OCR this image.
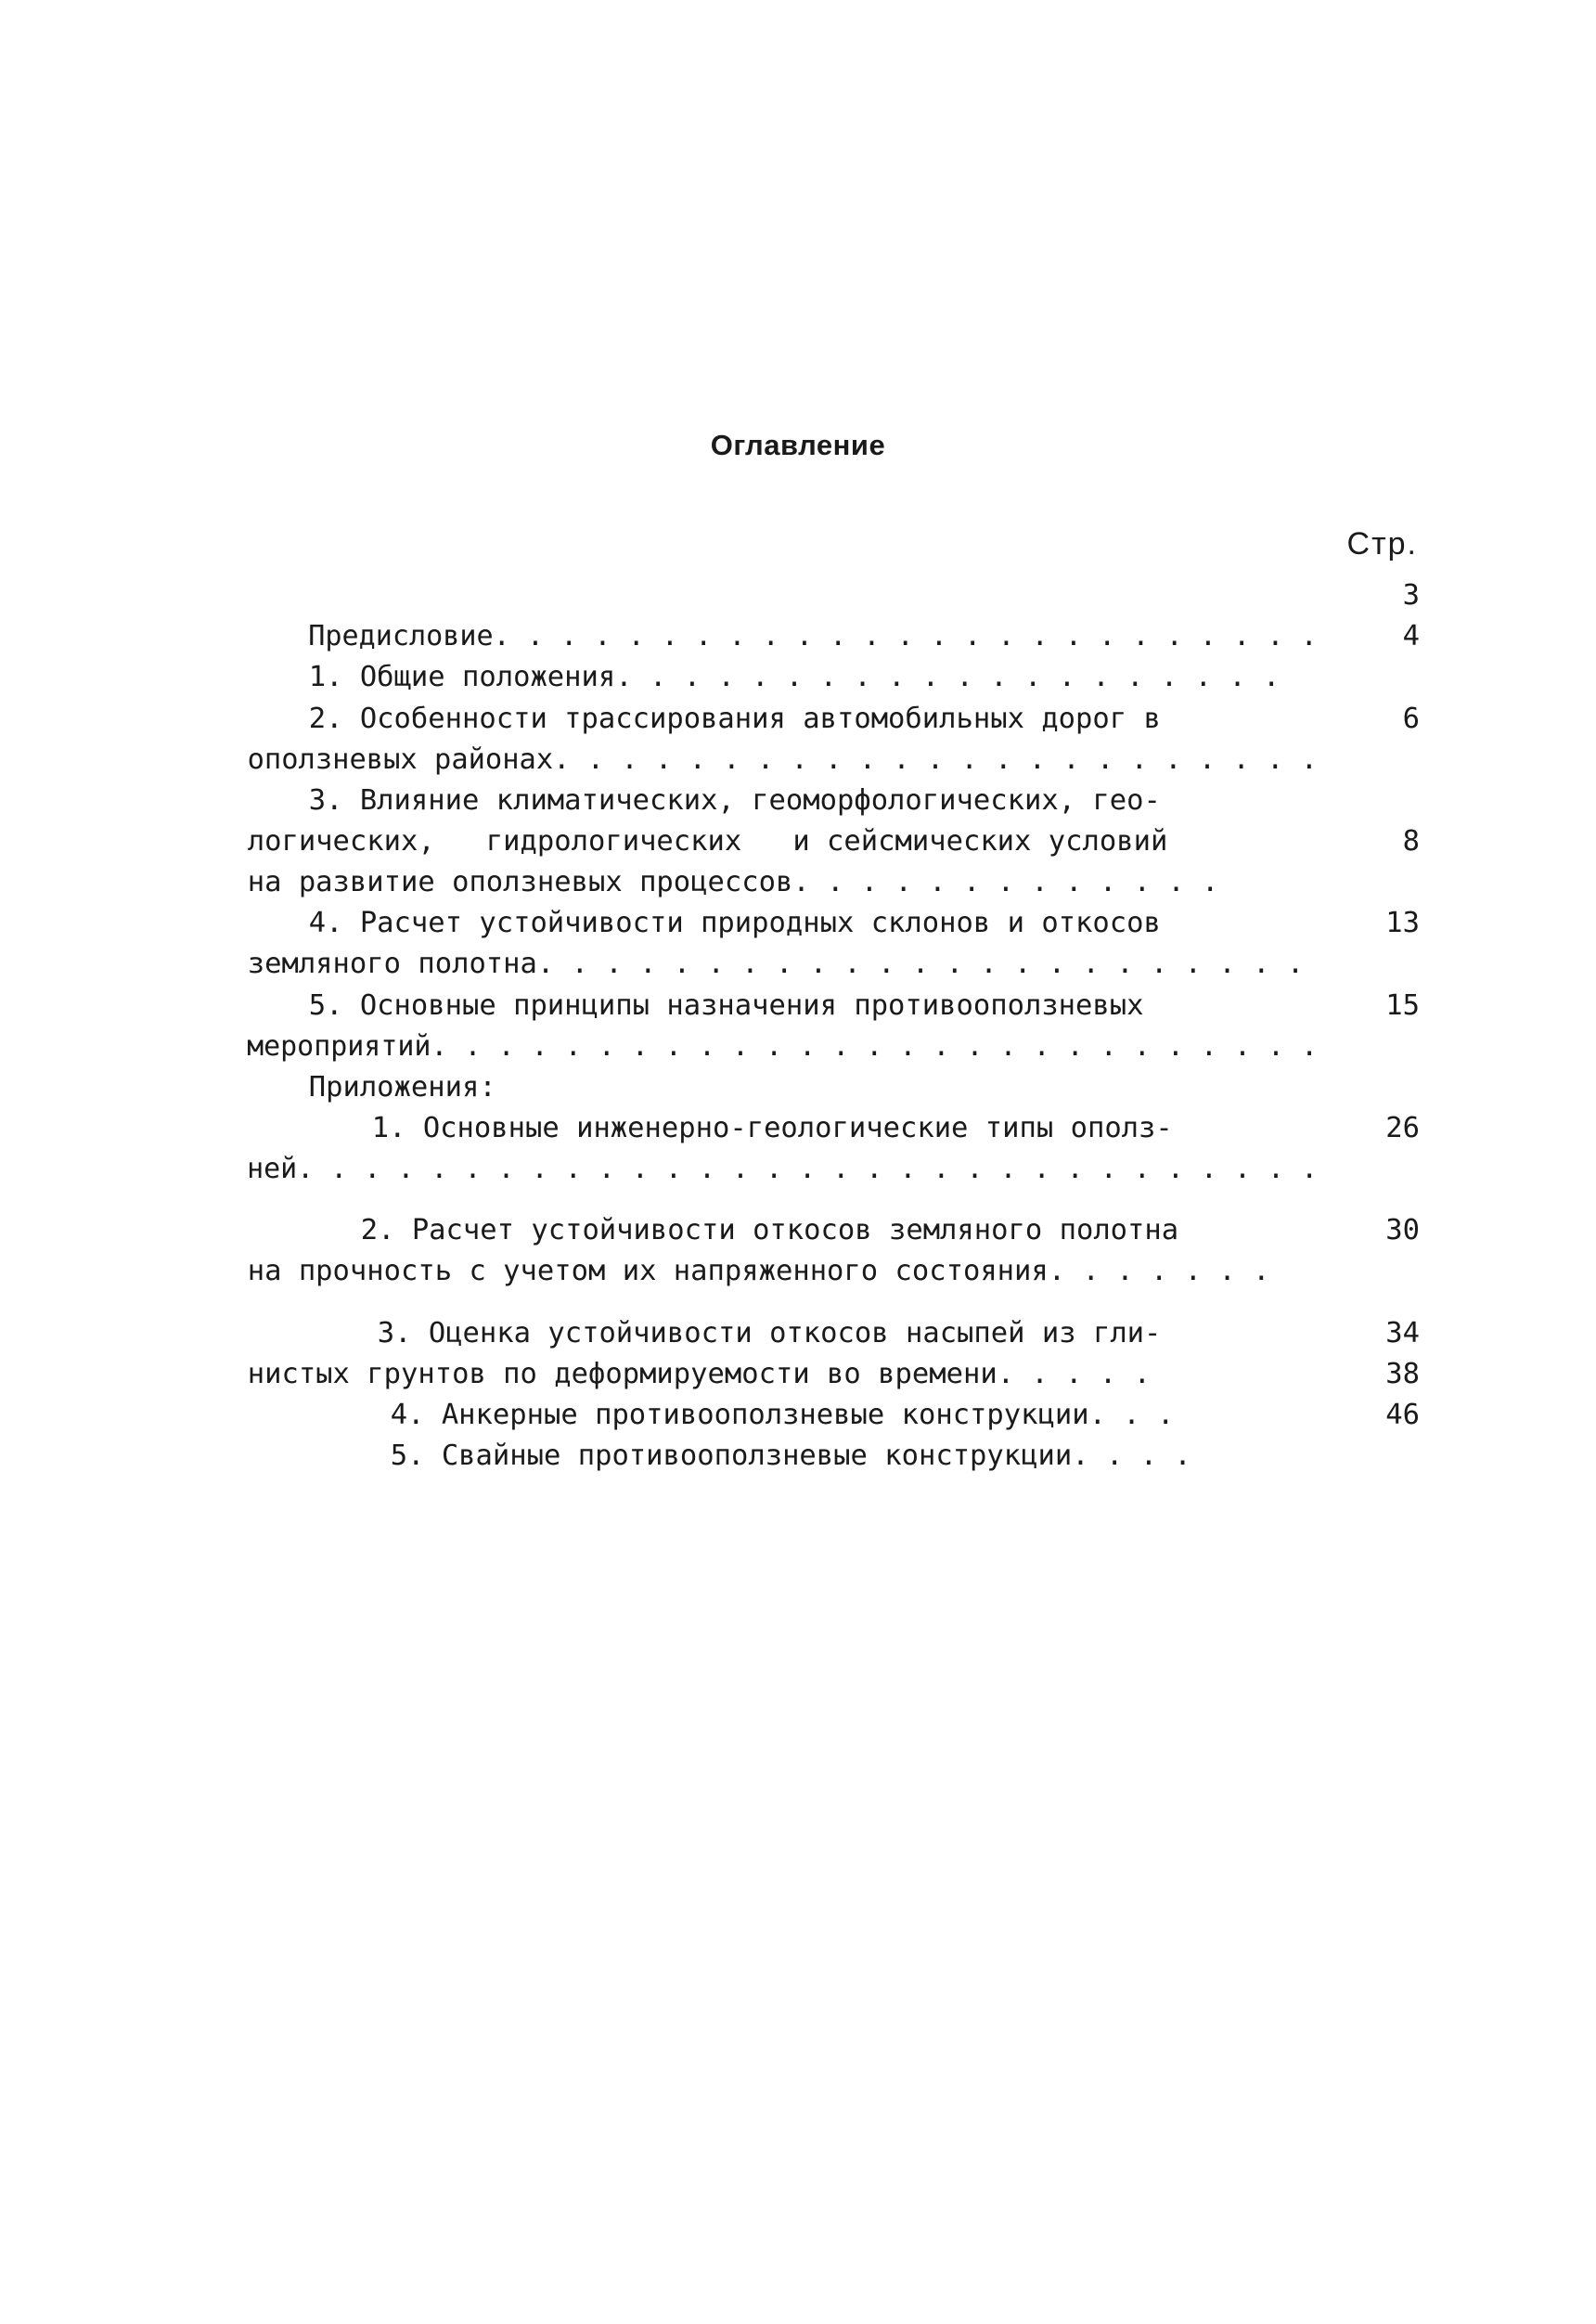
Оглавление
Стр.

Предисловие. . . . . . . . . . . . . . . . . . . . . . . . .

3

1. Общие положения. . . . . . . . . . . . . . . . . . . .

4

2. Особенности трассирования автомобильных дорог в

оползневых районах. . . . . . . . . . . . . . . . . . . . . . .

6

3. Влияние климатических, геоморфологических, гео-

логических,   гидрологических   и сейсмических условий

на развитие оползневых процессов. . . . . . . . . . . . .

8

4. Расчет устойчивости природных склонов и откосов

земляного полотна. . . . . . . . . . . . . . . . . . . . . . .

13

5. Основные принципы назначения противооползневых

мероприятий. . . . . . . . . . . . . . . . . . . . . . . . . . .

15

Приложения:

1. Основные инженерно-геологические типы ополз-

ней. . . . . . . . . . . . . . . . . . . . . . . . . . . . . . .

26

2. Расчет устойчивости откосов земляного полотна

на прочность с учетом их напряженного состояния. . . . . . .

30

3. Оценка устойчивости откосов насыпей из гли-

нистых грунтов по деформируемости во времени. . . . .

34

4. Анкерные противооползневые конструкции. . .

38

5. Свайные противооползневые конструкции. . . .

46
